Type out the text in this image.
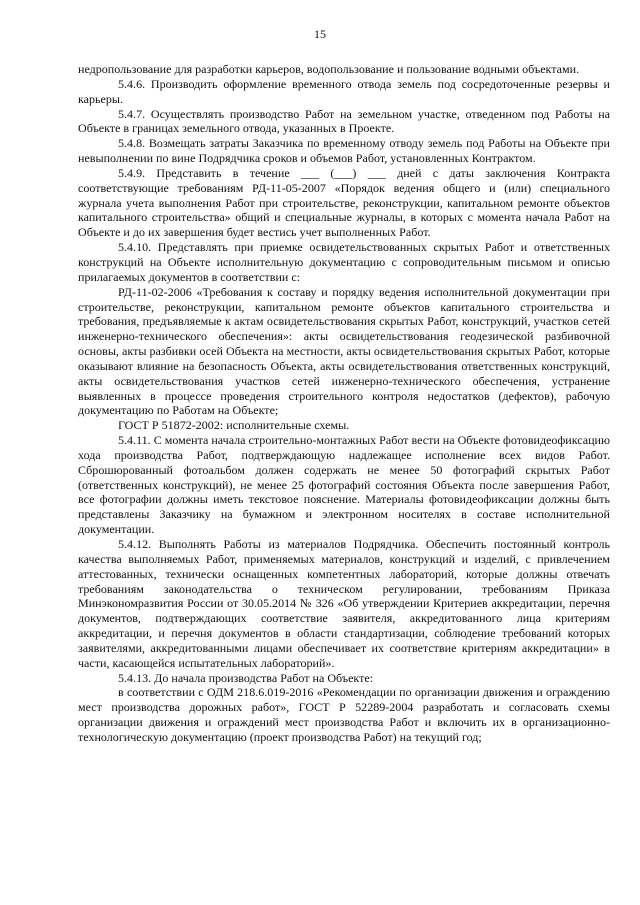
15

недропользование для разработки карьеров, водопользование и пользование водными объектами.

5.4.6. Производить оформление временного отвода земель под сосредоточенные резервы и карьеры.

5.4.7. Осуществлять производство Работ на земельном участке, отведенном под Работы на Объекте в границах земельного отвода, указанных в Проекте.

5.4.8. Возмещать затраты Заказчика по временному отводу земель под Работы на Объекте при невыполнении по вине Подрядчика сроков и объемов Работ, установленных Контрактом.

5.4.9. Представить в течение ___ (___) ___ дней с даты заключения Контракта соответствующие требованиям РД-11-05-2007 «Порядок ведения общего и (или) специального журнала учета выполнения Работ при строительстве, реконструкции, капитальном ремонте объектов капитального строительства» общий и специальные журналы, в которых с момента начала Работ на Объекте и до их завершения будет вестись учет выполненных Работ.

5.4.10. Представлять при приемке освидетельствованных скрытых Работ и ответственных конструкций на Объекте исполнительную документацию с сопроводительным письмом и описью прилагаемых документов в соответствии с:

РД-11-02-2006 «Требования к составу и порядку ведения исполнительной документации при строительстве, реконструкции, капитальном ремонте объектов капитального строительства и требования, предъявляемые к актам освидетельствования скрытых Работ, конструкций, участков сетей инженерно-технического обеспечения»: акты освидетельствования геодезической разбивочной основы, акты разбивки осей Объекта на местности, акты освидетельствования скрытых Работ, которые оказывают влияние на безопасность Объекта, акты освидетельствования ответственных конструкций, акты освидетельствования участков сетей инженерно-технического обеспечения, устранение выявленных в процессе проведения строительного контроля недостатков (дефектов), рабочую документацию по Работам на Объекте;

ГОСТ Р 51872-2002: исполнительные схемы.

5.4.11. С момента начала строительно-монтажных Работ вести на Объекте фотовидеофиксацию хода производства Работ, подтверждающую надлежащее исполнение всех видов Работ. Сброшюрованный фотоальбом должен содержать не менее 50 фотографий скрытых Работ (ответственных конструкций), не менее 25 фотографий состояния Объекта после завершения Работ, все фотографии должны иметь текстовое пояснение. Материалы фотовидеофиксации должны быть представлены Заказчику на бумажном и электронном носителях в составе исполнительной документации.

5.4.12. Выполнять Работы из материалов Подрядчика. Обеспечить постоянный контроль качества выполняемых Работ, применяемых материалов, конструкций и изделий, с привлечением аттестованных, технически оснащенных компетентных лабораторий, которые должны отвечать требованиям законодательства о техническом регулировании, требованиям Приказа Минэкономразвития России от 30.05.2014 № 326 «Об утверждении Критериев аккредитации, перечня документов, подтверждающих соответствие заявителя, аккредитованного лица критериям аккредитации, и перечня документов в области стандартизации, соблюдение требований которых заявителями, аккредитованными лицами обеспечивает их соответствие критериям аккредитации» в части, касающейся испытательных лабораторий».

5.4.13. До начала производства Работ на Объекте:

в соответствии с ОДМ 218.6.019-2016 «Рекомендации по организации движения и ограждению мест производства дорожных работ», ГОСТ Р 52289-2004 разработать и согласовать схемы организации движения и ограждений мест производства Работ и включить их в организационно-технологическую документацию (проект производства Работ) на текущий год;
